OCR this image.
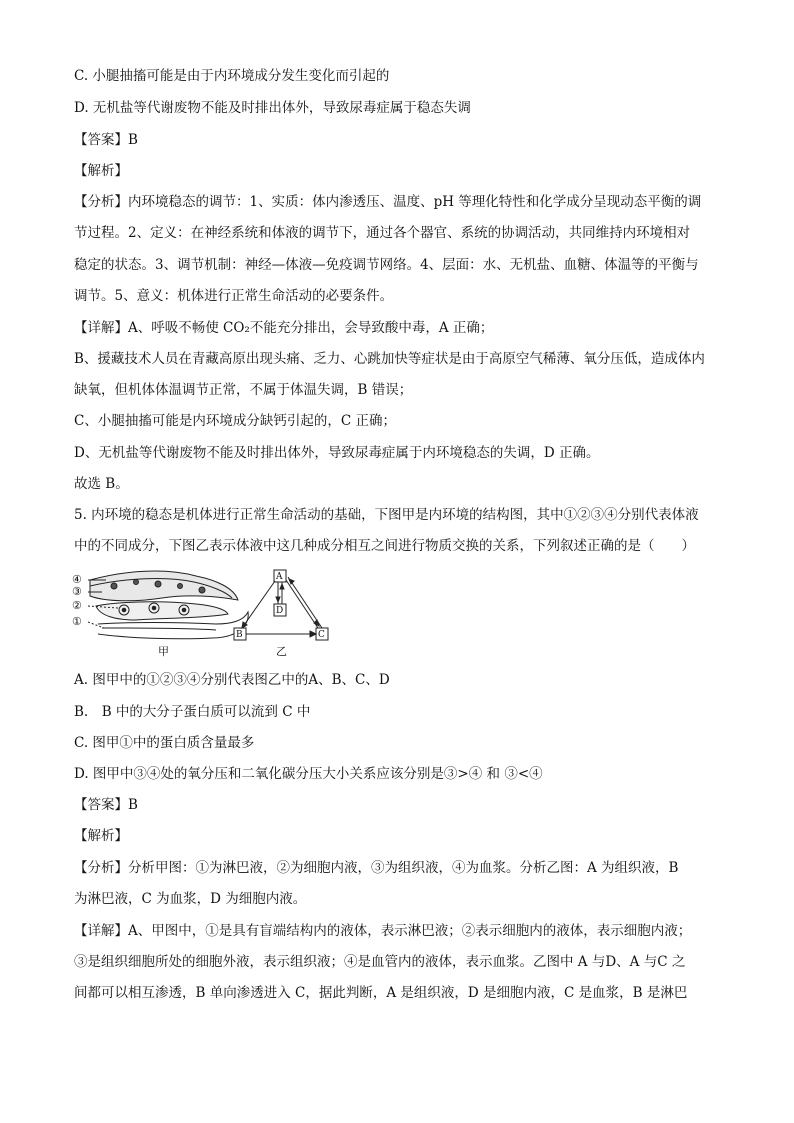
C. 小腿抽搐可能是由于内环境成分发生变化而引起的
D. 无机盐等代谢废物不能及时排出体外，导致尿毒症属于稳态失调
【答案】B
【解析】
【分析】内环境稳态的调节：1、实质：体内渗透压、温度、pH 等理化特性和化学成分呈现动态平衡的调
节过程。2、定义：在神经系统和体液的调节下，通过各个器官、系统的协调活动，共同维持内环境相对
稳定的状态。3、调节机制：神经—体液—免疫调节网络。4、层面：水、无机盐、血糖、体温等的平衡与
调节。5、意义：机体进行正常生命活动的必要条件。
【详解】A、呼吸不畅使 CO₂不能充分排出，会导致酸中毒，A 正确；
B、援藏技术人员在青藏高原出现头痛、乏力、心跳加快等症状是由于高原空气稀薄、氧分压低，造成体内
缺氧，但机体体温调节正常，不属于体温失调，B 错误；
C、小腿抽搐可能是内环境成分缺钙引起的，C 正确；
D、无机盐等代谢废物不能及时排出体外，导致尿毒症属于内环境稳态的失调，D 正确。
故选 B。
5. 内环境的稳态是机体进行正常生命活动的基础，下图甲是内环境的结构图，其中①②③④分别代表体液
中的不同成分，下图乙表示体液中这几种成分相互之间进行物质交换的关系，下列叙述正确的是（　　）
④
③
②
①
甲
A
D
B	C
乙
A. 图甲中的①②③④分别代表图乙中的A、B、C、D
B.　B 中的大分子蛋白质可以流到 C 中
C. 图甲①中的蛋白质含量最多
D. 图甲中③④处的氧分压和二氧化碳分压大小关系应该分别是③>④ 和 ③<④
【答案】B
【解析】
【分析】分析甲图：①为淋巴液，②为细胞内液，③为组织液，④为血浆。分析乙图：A 为组织液，B
为淋巴液，C 为血浆，D 为细胞内液。
【详解】A、甲图中，①是具有盲端结构内的液体，表示淋巴液；②表示细胞内的液体，表示细胞内液；
③是组织细胞所处的细胞外液，表示组织液；④是血管内的液体，表示血浆。乙图中 A 与D、A 与C 之
间都可以相互渗透，B 单向渗透进入 C，据此判断，A 是组织液，D 是细胞内液，C 是血浆，B 是淋巴
